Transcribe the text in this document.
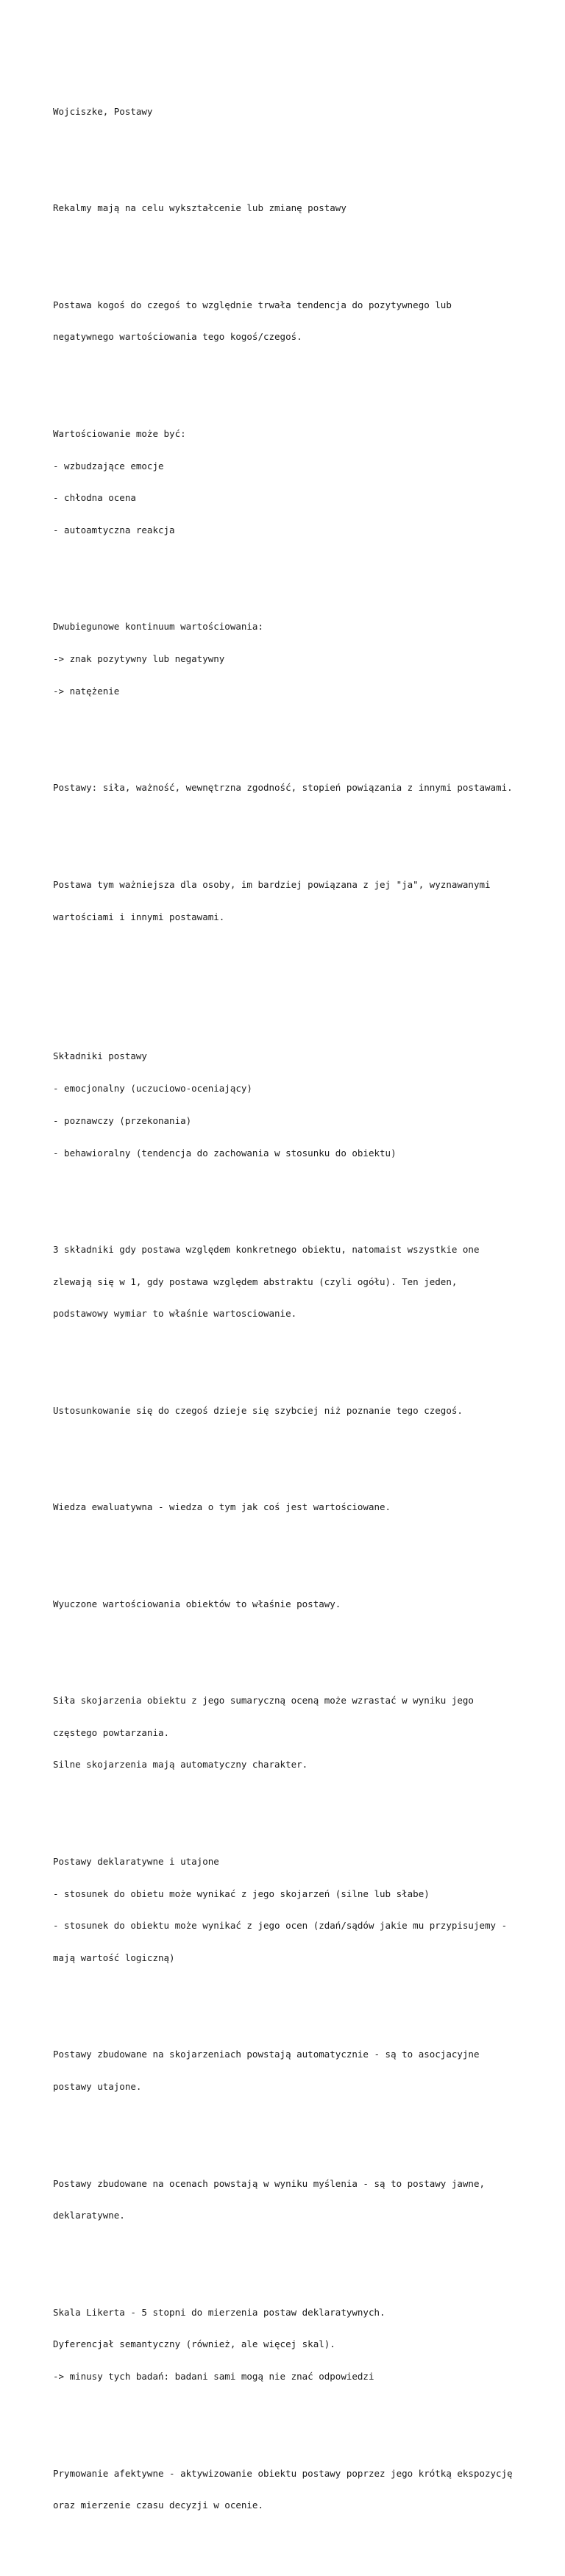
Wojciszke, Postawy

Rekalmy mają na celu wykształcenie lub zmianę postawy

Postawa kogoś do czegoś to względnie trwała tendencja do pozytywnego lub

negatywnego wartościowania tego kogoś/czegoś.

Wartościowanie może być:

- wzbudzające emocje

- chłodna ocena

- autoamtyczna reakcja

Dwubiegunowe kontinuum wartościowania:

-> znak pozytywny lub negatywny

-> natężenie

Postawy: siła, ważność, wewnętrzna zgodność, stopień powiązania z innymi postawami.

Postawa tym ważniejsza dla osoby, im bardziej powiązana z jej "ja", wyznawanymi

wartościami i innymi postawami.

Składniki postawy

- emocjonalny (uczuciowo-oceniający)

- poznawczy (przekonania)

- behawioralny (tendencja do zachowania w stosunku do obiektu)

3 składniki gdy postawa względem konkretnego obiektu, natomaist wszystkie one

zlewają się w 1, gdy postawa względem abstraktu (czyli ogółu). Ten jeden,

podstawowy wymiar to właśnie wartosciowanie.

Ustosunkowanie się do czegoś dzieje się szybciej niż poznanie tego czegoś.

Wiedza ewaluatywna - wiedza o tym jak coś jest wartościowane.

Wyuczone wartościowania obiektów to właśnie postawy.

Siła skojarzenia obiektu z jego sumaryczną oceną może wzrastać w wyniku jego

częstego powtarzania.

Silne skojarzenia mają automatyczny charakter.

Postawy deklaratywne i utajone

- stosunek do obietu może wynikać z jego skojarzeń (silne lub słabe)

- stosunek do obiektu może wynikać z jego ocen (zdań/sądów jakie mu przypisujemy -

mają wartość logiczną)

Postawy zbudowane na skojarzeniach powstają automatycznie - są to asocjacyjne

postawy utajone.

Postawy zbudowane na ocenach powstają w wyniku myślenia - są to postawy jawne,

deklaratywne.

Skala Likerta - 5 stopni do mierzenia postaw deklaratywnych.

Dyferencjał semantyczny (również, ale więcej skal).

-> minusy tych badań: badani sami mogą nie znać odpowiedzi

Prymowanie afektywne - aktywizowanie obiektu postawy poprzez jego krótką ekspozycję

oraz mierzenie czasu decyzji w ocenie.
